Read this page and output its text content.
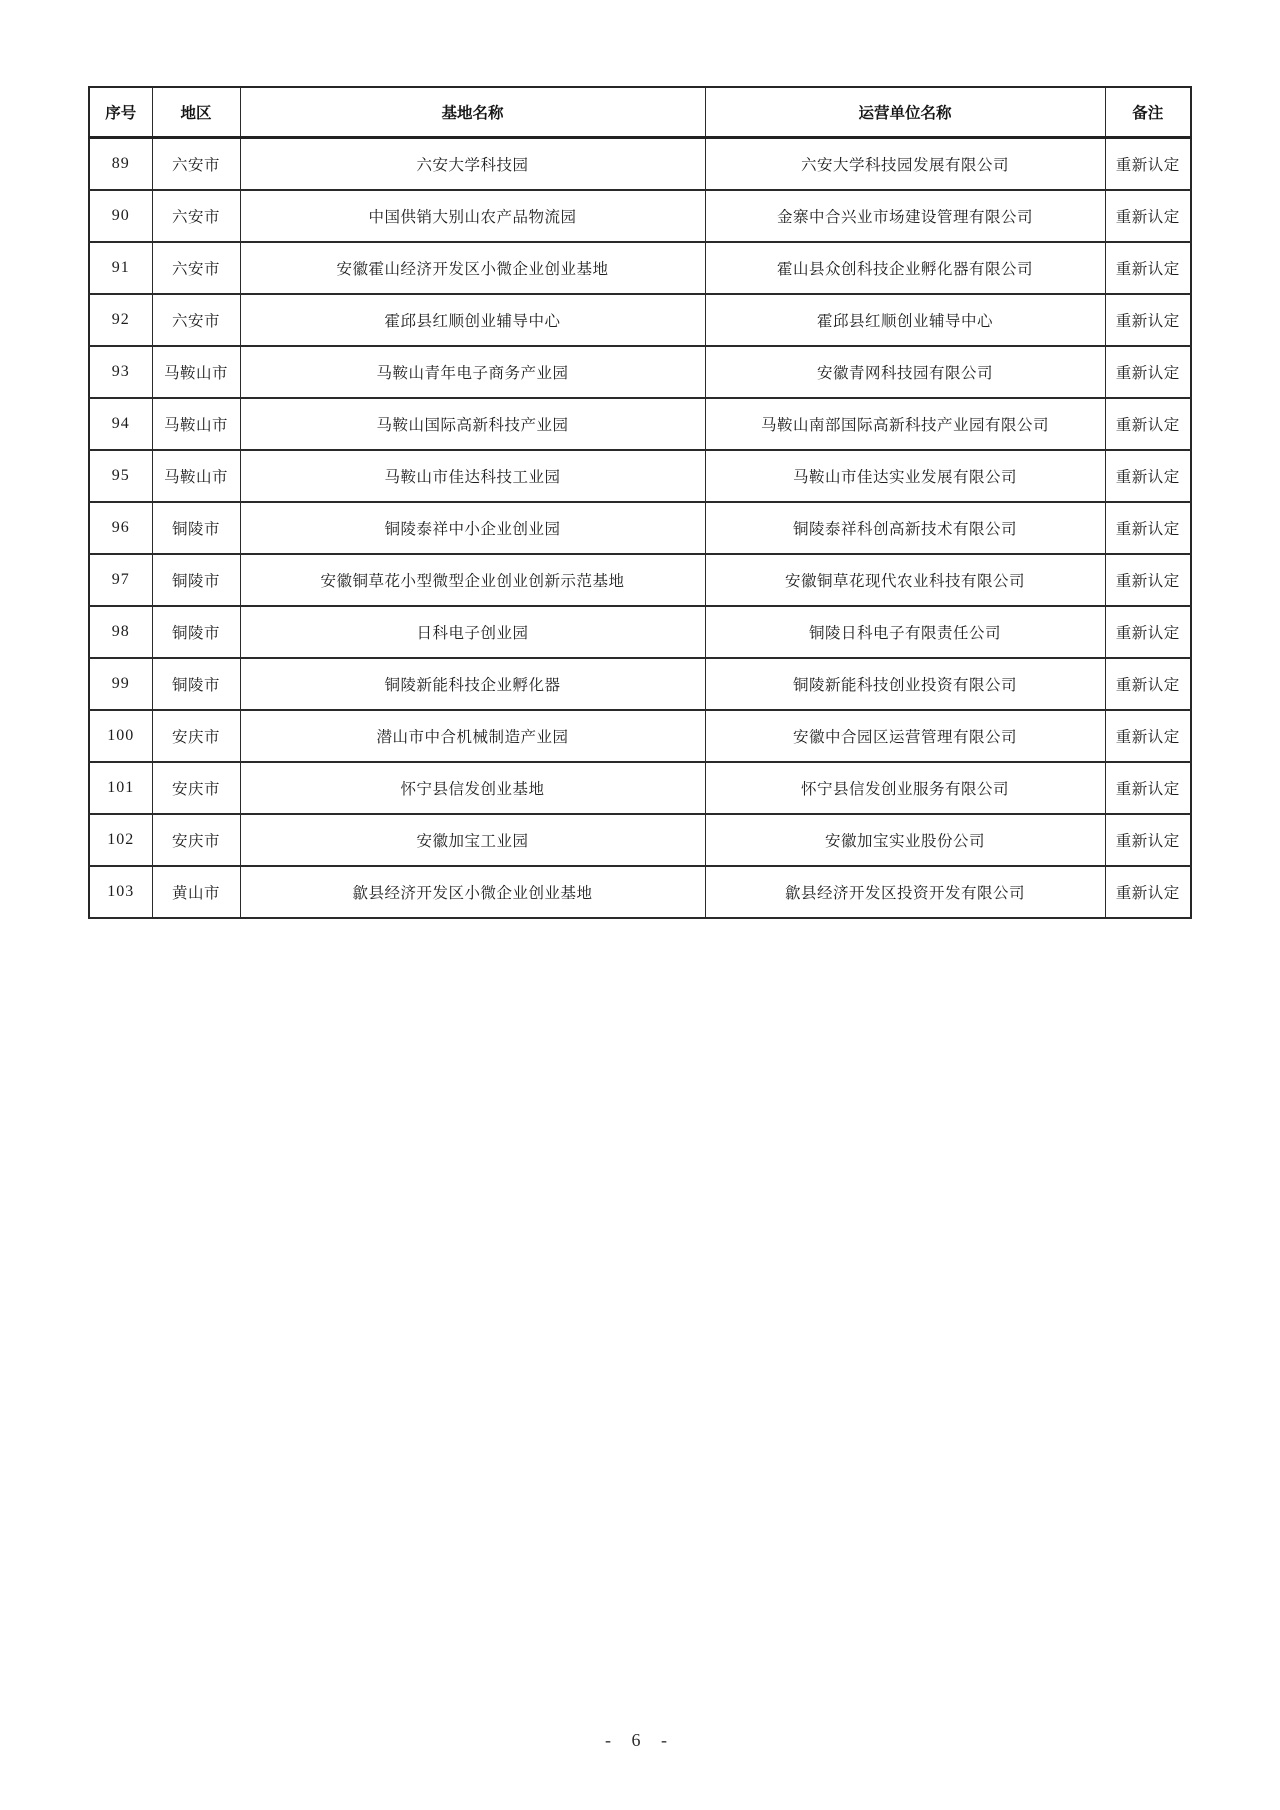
序号	地区	基地名称	运营单位名称	备注
89	六安市	六安大学科技园	六安大学科技园发展有限公司	重新认定
90	六安市	中国供销大别山农产品物流园	金寨中合兴业市场建设管理有限公司	重新认定
91	六安市	安徽霍山经济开发区小微企业创业基地	霍山县众创科技企业孵化器有限公司	重新认定
92	六安市	霍邱县红顺创业辅导中心	霍邱县红顺创业辅导中心	重新认定
93	马鞍山市	马鞍山青年电子商务产业园	安徽青网科技园有限公司	重新认定
94	马鞍山市	马鞍山国际高新科技产业园	马鞍山南部国际高新科技产业园有限公司	重新认定
95	马鞍山市	马鞍山市佳达科技工业园	马鞍山市佳达实业发展有限公司	重新认定
96	铜陵市	铜陵泰祥中小企业创业园	铜陵泰祥科创高新技术有限公司	重新认定
97	铜陵市	安徽铜草花小型微型企业创业创新示范基地	安徽铜草花现代农业科技有限公司	重新认定
98	铜陵市	日科电子创业园	铜陵日科电子有限责任公司	重新认定
99	铜陵市	铜陵新能科技企业孵化器	铜陵新能科技创业投资有限公司	重新认定
100	安庆市	潜山市中合机械制造产业园	安徽中合园区运营管理有限公司	重新认定
101	安庆市	怀宁县信发创业基地	怀宁县信发创业服务有限公司	重新认定
102	安庆市	安徽加宝工业园	安徽加宝实业股份公司	重新认定
103	黄山市	歙县经济开发区小微企业创业基地	歙县经济开发区投资开发有限公司	重新认定
- 6 -
